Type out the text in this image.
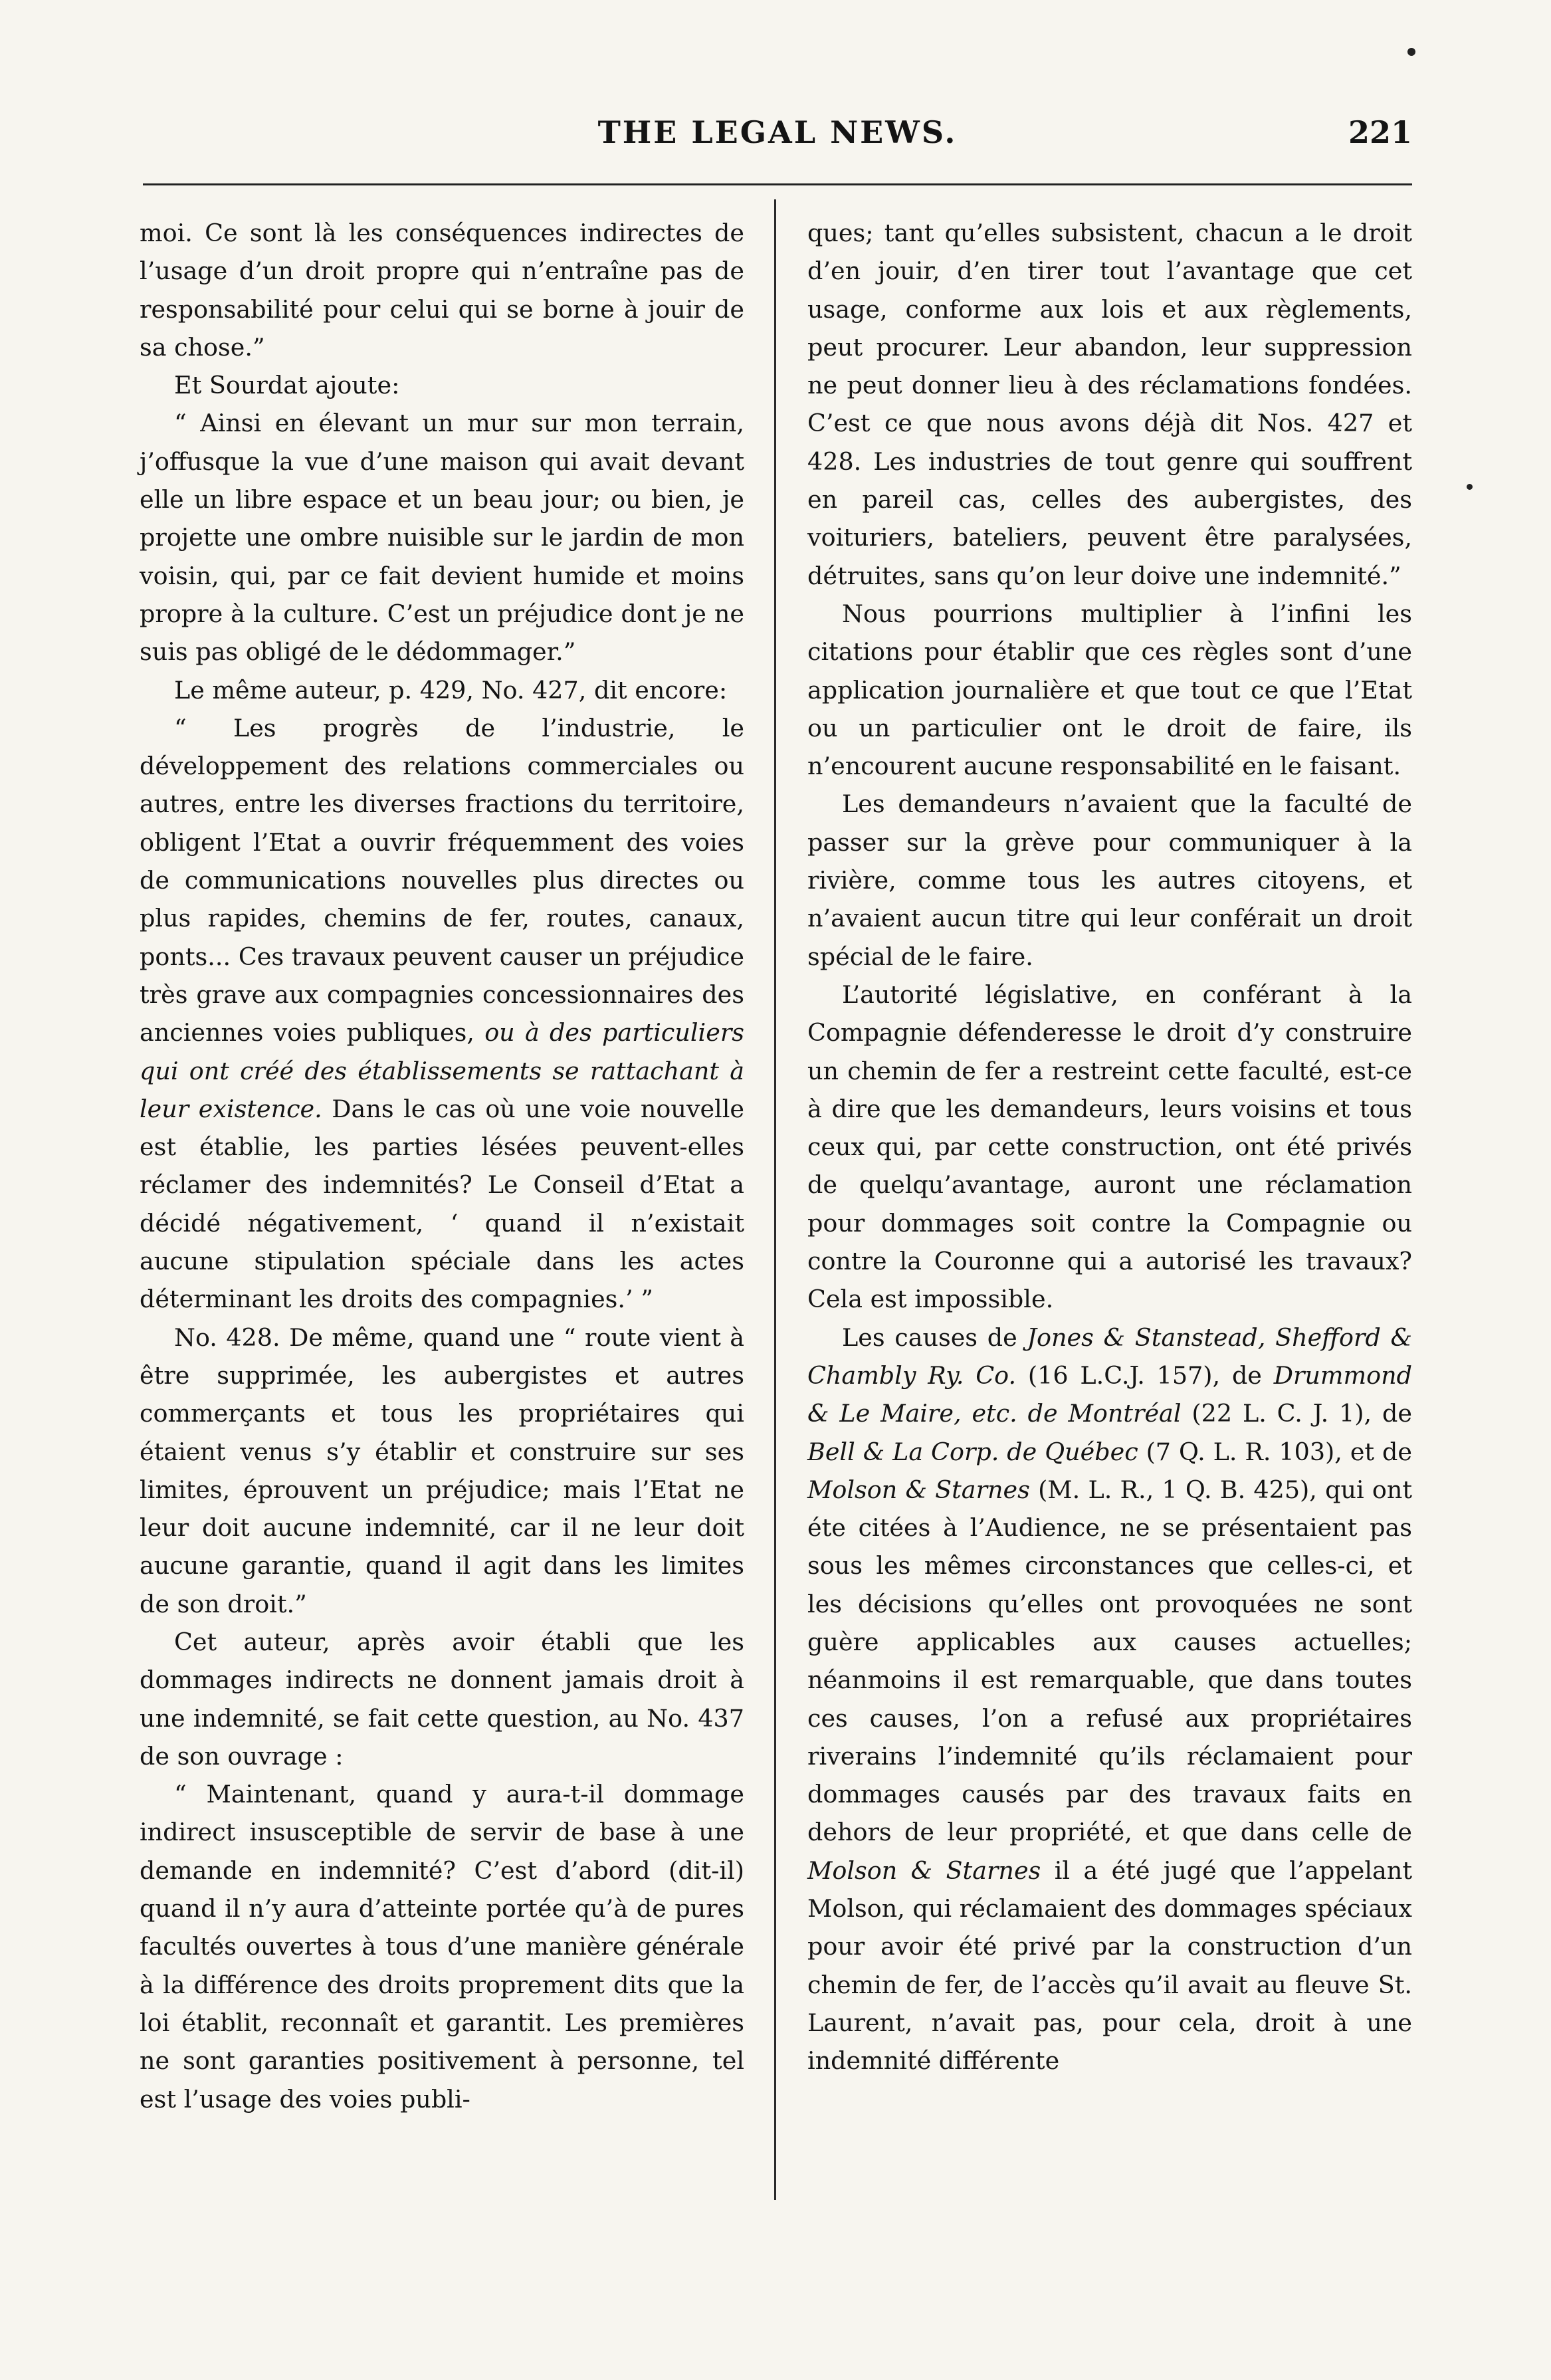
THE LEGAL NEWS.	221

moi. Ce sont là les conséquences indirectes de l’usage d’un droit propre qui n’entraîne pas de responsabilité pour celui qui se borne à jouir de sa chose.”

Et Sourdat ajoute:

“ Ainsi en élevant un mur sur mon terrain, j’offusque la vue d’une maison qui avait devant elle un libre espace et un beau jour; ou bien, je projette une ombre nuisible sur le jardin de mon voisin, qui, par ce fait devient humide et moins propre à la culture. C’est un préjudice dont je ne suis pas obligé de le dédommager.”

Le même auteur, p. 429, No. 427, dit encore:

“ Les progrès de l’industrie, le développement des relations commerciales ou autres, entre les diverses fractions du territoire, obligent l’Etat a ouvrir fréquemment des voies de communications nouvelles plus directes ou plus rapides, chemins de fer, routes, canaux, ponts... Ces travaux peuvent causer un préjudice très grave aux compagnies concessionnaires des anciennes voies publiques, ou à des particuliers qui ont créé des établissements se rattachant à leur existence. Dans le cas où une voie nouvelle est établie, les parties lésées peuvent-elles réclamer des indemnités? Le Conseil d’Etat a décidé négativement, ‘ quand il n’existait aucune stipulation spéciale dans les actes déterminant les droits des compagnies.’ ”

No. 428. De même, quand une “ route vient à être supprimée, les aubergistes et autres commerçants et tous les propriétaires qui étaient venus s’y établir et construire sur ses limites, éprouvent un préjudice; mais l’Etat ne leur doit aucune indemnité, car il ne leur doit aucune garantie, quand il agit dans les limites de son droit.”

Cet auteur, après avoir établi que les dommages indirects ne donnent jamais droit à une indemnité, se fait cette question, au No. 437 de son ouvrage :

“ Maintenant, quand y aura-t-il dommage indirect insusceptible de servir de base à une demande en indemnité? C’est d’abord (dit-il) quand il n’y aura d’atteinte portée qu’à de pures facultés ouvertes à tous d’une manière générale à la différence des droits proprement dits que la loi établit, reconnaît et garantit. Les premières ne sont garanties positivement à personne, tel est l’usage des voies publi-

ques; tant qu’elles subsistent, chacun a le droit d’en jouir, d’en tirer tout l’avantage que cet usage, conforme aux lois et aux règlements, peut procurer. Leur abandon, leur suppression ne peut donner lieu à des réclamations fondées. C’est ce que nous avons déjà dit Nos. 427 et 428. Les industries de tout genre qui souffrent en pareil cas, celles des aubergistes, des voituriers, bateliers, peuvent être paralysées, détruites, sans qu’on leur doive une indemnité.”

Nous pourrions multiplier à l’infini les citations pour établir que ces règles sont d’une application journalière et que tout ce que l’Etat ou un particulier ont le droit de faire, ils n’encourent aucune responsabilité en le faisant.

Les demandeurs n’avaient que la faculté de passer sur la grève pour communiquer à la rivière, comme tous les autres citoyens, et n’avaient aucun titre qui leur conférait un droit spécial de le faire.

L’autorité législative, en conférant à la Compagnie défenderesse le droit d’y construire un chemin de fer a restreint cette faculté, est-ce à dire que les demandeurs, leurs voisins et tous ceux qui, par cette construction, ont été privés de quelqu’avantage, auront une réclamation pour dommages soit contre la Compagnie ou contre la Couronne qui a autorisé les travaux? Cela est impossible.

Les causes de Jones & Stanstead, Shefford & Chambly Ry. Co. (16 L.C.J. 157), de Drummond & Le Maire, etc. de Montréal (22 L. C. J. 1), de Bell & La Corp. de Québec (7 Q. L. R. 103), et de Molson & Starnes (M. L. R., 1 Q. B. 425), qui ont éte citées à l’Audience, ne se présentaient pas sous les mêmes circonstances que celles-ci, et les décisions qu’elles ont provoquées ne sont guère applicables aux causes actuelles; néanmoins il est remarquable, que dans toutes ces causes, l’on a refusé aux propriétaires riverains l’indemnité qu’ils réclamaient pour dommages causés par des travaux faits en dehors de leur propriété, et que dans celle de Molson & Starnes il a été jugé que l’appelant Molson, qui réclamaient des dommages spéciaux pour avoir été privé par la construction d’un chemin de fer, de l’accès qu’il avait au fleuve St. Laurent, n’avait pas, pour cela, droit à une indemnité différente
